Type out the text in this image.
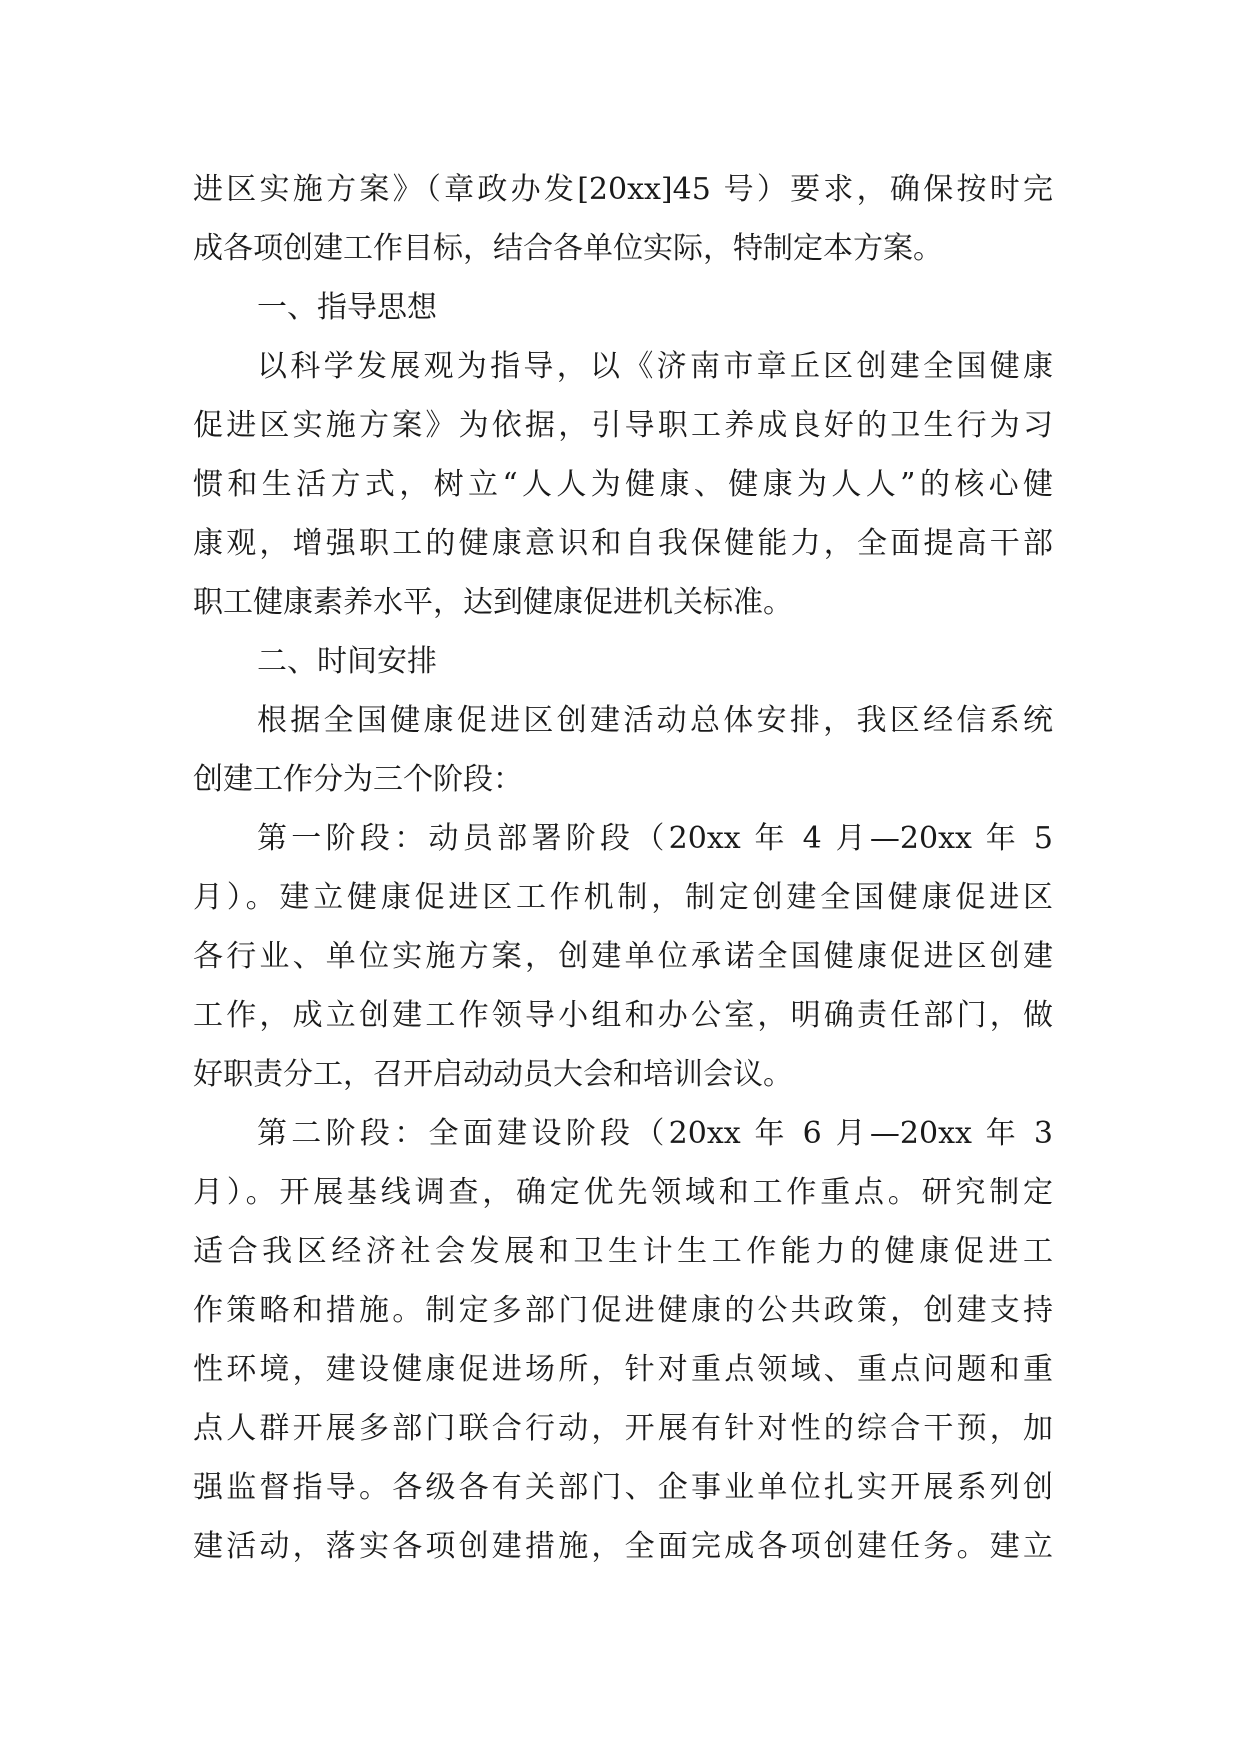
进区实施方案》（章政办发[20xx]45 号）要求，确保按时完
成各项创建工作目标，结合各单位实际，特制定本方案。
一、指导思想
以科学发展观为指导，以《济南市章丘区创建全国健康
促进区实施方案》为依据，引导职工养成良好的卫生行为习
惯和生活方式，树立“人人为健康、健康为人人”的核心健
康观，增强职工的健康意识和自我保健能力，全面提高干部
职工健康素养水平，达到健康促进机关标准。
二、时间安排
根据全国健康促进区创建活动总体安排，我区经信系统
创建工作分为三个阶段：
第一阶段：动员部署阶段（20xx 年 4 月—20xx 年 5
月）。建立健康促进区工作机制，制定创建全国健康促进区
各行业、单位实施方案，创建单位承诺全国健康促进区创建
工作，成立创建工作领导小组和办公室，明确责任部门，做
好职责分工，召开启动动员大会和培训会议。
第二阶段：全面建设阶段（20xx 年 6 月—20xx 年 3
月）。开展基线调查，确定优先领域和工作重点。研究制定
适合我区经济社会发展和卫生计生工作能力的健康促进工
作策略和措施。制定多部门促进健康的公共政策，创建支持
性环境，建设健康促进场所，针对重点领域、重点问题和重
点人群开展多部门联合行动，开展有针对性的综合干预，加
强监督指导。各级各有关部门、企事业单位扎实开展系列创
建活动，落实各项创建措施，全面完成各项创建任务。建立
